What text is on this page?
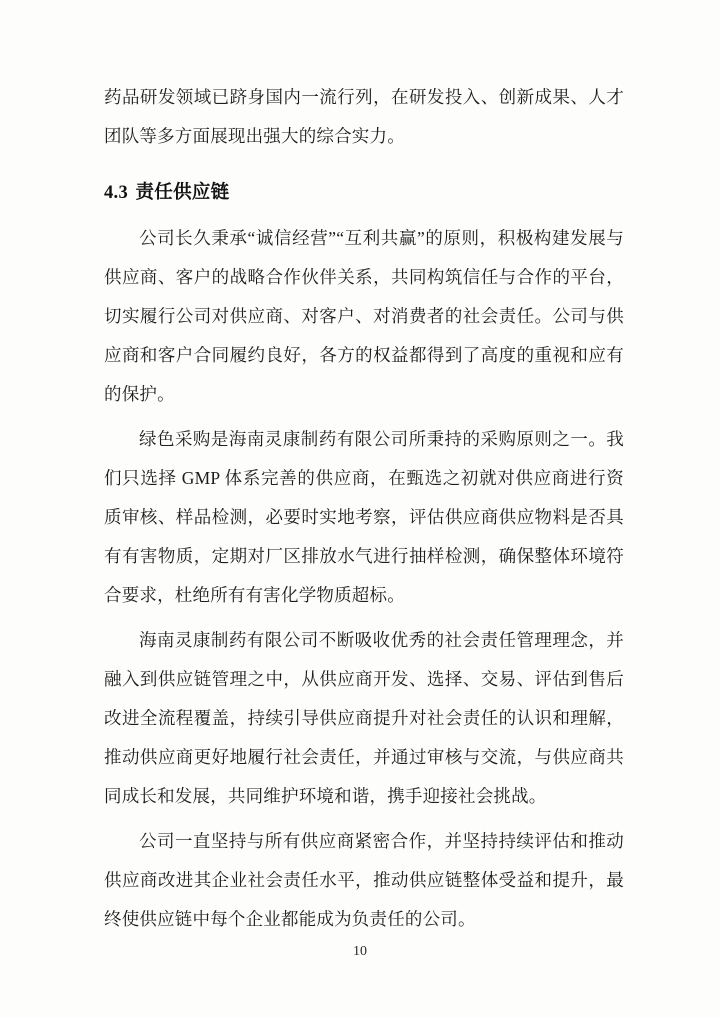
药品研发领域已跻身国内一流行列，在研发投入、创新成果、人才团队等多方面展现出强大的综合实力。

4.3 责任供应链

公司长久秉承“诚信经营”“互利共赢”的原则，积极构建发展与供应商、客户的战略合作伙伴关系，共同构筑信任与合作的平台，切实履行公司对供应商、对客户、对消费者的社会责任。公司与供应商和客户合同履约良好，各方的权益都得到了高度的重视和应有的保护。

绿色采购是海南灵康制药有限公司所秉持的采购原则之一。我们只选择 GMP 体系完善的供应商，在甄选之初就对供应商进行资质审核、样品检测，必要时实地考察，评估供应商供应物料是否具有有害物质，定期对厂区排放水气进行抽样检测，确保整体环境符合要求，杜绝所有有害化学物质超标。

海南灵康制药有限公司不断吸收优秀的社会责任管理理念，并融入到供应链管理之中，从供应商开发、选择、交易、评估到售后改进全流程覆盖，持续引导供应商提升对社会责任的认识和理解，推动供应商更好地履行社会责任，并通过审核与交流，与供应商共同成长和发展，共同维护环境和谐，携手迎接社会挑战。

公司一直坚持与所有供应商紧密合作，并坚持持续评估和推动供应商改进其企业社会责任水平，推动供应链整体受益和提升，最终使供应链中每个企业都能成为负责任的公司。

10
